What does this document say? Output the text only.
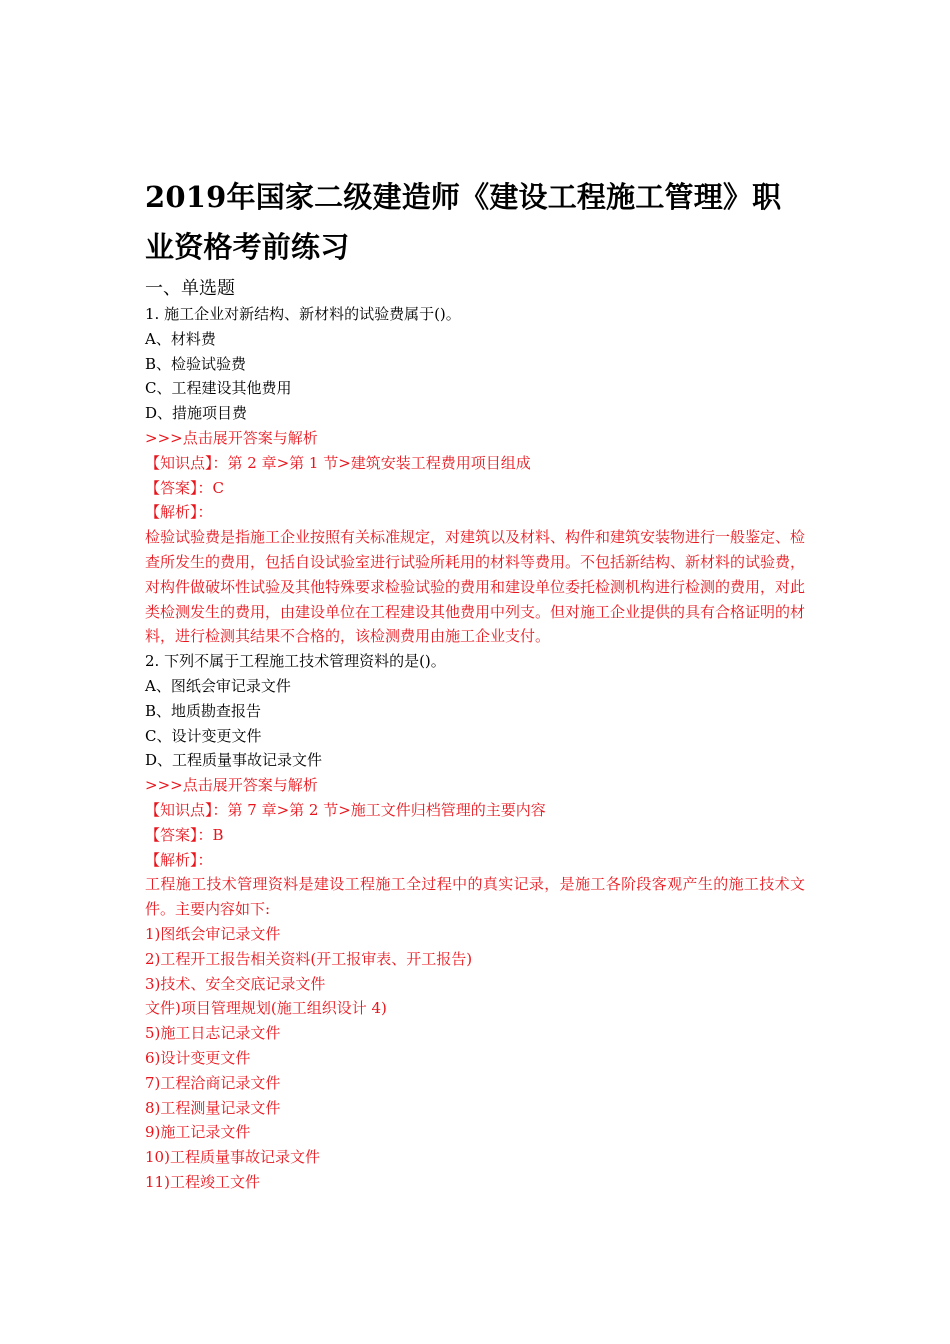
2019年国家二级建造师《建设工程施工管理》职业资格考前练习
一、单选题
1. 施工企业对新结构、新材料的试验费属于()。
A、材料费
B、检验试验费
C、工程建设其他费用
D、措施项目费
>>>点击展开答案与解析
【知识点】：第 2 章>第 1 节>建筑安装工程费用项目组成
【答案】：C
【解析】：
检验试验费是指施工企业按照有关标准规定，对建筑以及材料、构件和建筑安装物进行一般鉴定、检查所发生的费用，包括自设试验室进行试验所耗用的材料等费用。不包括新结构、新材料的试验费，对构件做破坏性试验及其他特殊要求检验试验的费用和建设单位委托检测机构进行检测的费用，对此类检测发生的费用，由建设单位在工程建设其他费用中列支。但对施工企业提供的具有合格证明的材料，进行检测其结果不合格的，该检测费用由施工企业支付。
2. 下列不属于工程施工技术管理资料的是()。
A、图纸会审记录文件
B、地质勘查报告
C、设计变更文件
D、工程质量事故记录文件
>>>点击展开答案与解析
【知识点】：第 7 章>第 2 节>施工文件归档管理的主要内容
【答案】：B
【解析】：
工程施工技术管理资料是建设工程施工全过程中的真实记录，是施工各阶段客观产生的施工技术文件。主要内容如下:
1)图纸会审记录文件
2)工程开工报告相关资料(开工报审表、开工报告)
3)技术、安全交底记录文件
文件)项目管理规划(施工组织设计 4)
5)施工日志记录文件
6)设计变更文件
7)工程洽商记录文件
8)工程测量记录文件
9)施工记录文件
10)工程质量事故记录文件
11)工程竣工文件
